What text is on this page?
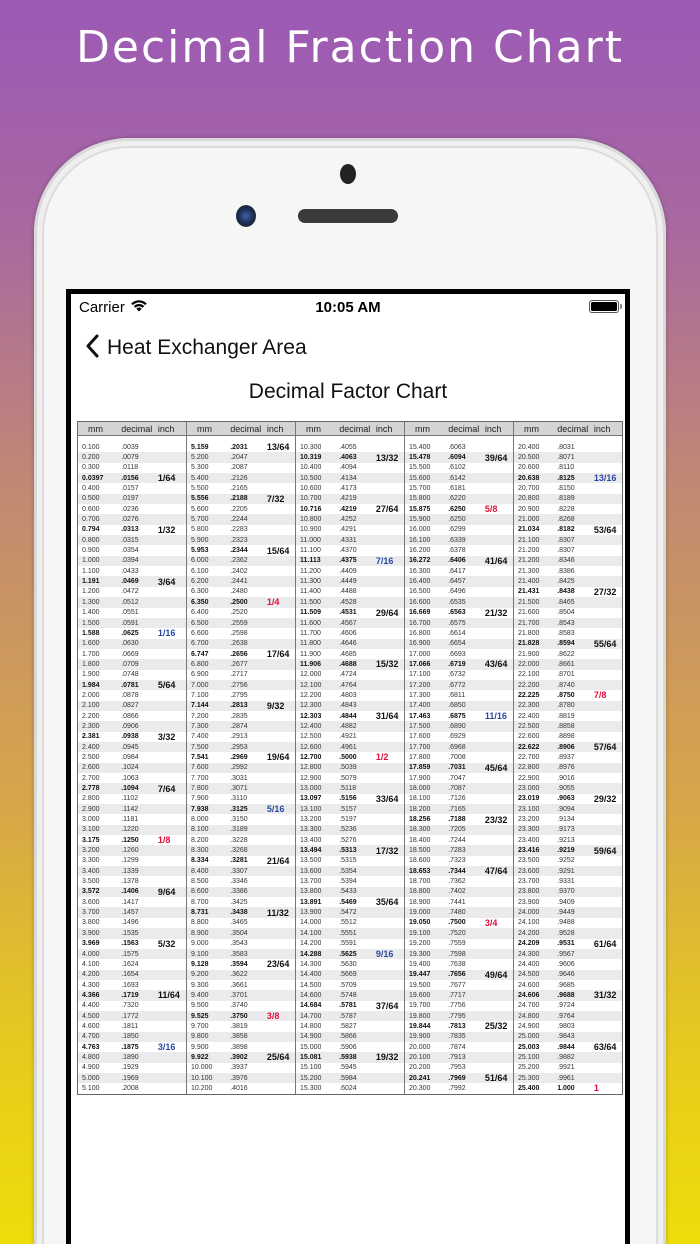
Decimal Fraction Chart
Carrier	10:05 AM
Heat Exchanger Area
Decimal Factor Chart
mm	decimal inch
0.100	.0039
0.200	.0079
0.300	.0118
0.0397	.0156	1/64
0.400	.0157
0.500	.0197
0.600	.0236
0.700	.0276
0.794	.0313	1/32
0.800	.0315
0.900	.0354
1.000	.0394
1.100	.0433
1.191	.0469	3/64
1.200	.0472
1.300	.0512
1.400	.0551
1.500	.0591
1.588	.0625	1/16
1.600	.0630
1.700	.0669
1.800	.0709
1.900	.0748
1.984	.0781	5/64
2.000	.0878
2.100	.0827
2.200	.0866
2.300	.0906
2.381	.0938	3/32
2.400	.0945
2.500	.0984
2.600	.1024
2.700	.1063
2.778	.1094	7/64
2.800	.1102
2.900	.1142
3.000	.1181
3.100	.1220
3.175	.1250	1/8
3.200	.1260
3.300	.1299
3.400	.1339
3.500	.1378
3.572	.1406	9/64
3.600	.1417
3.700	.1457
3.800	.1496
3.900	.1535
3.969	.1563	5/32
4.000	.1575
4.100	.1624
4.200	.1654
4.300	.1693
4.366	.1719	11/64
4.400	.7320
4.500	.1772
4.600	.1811
4.700	.1850
4.763	.1875	3/16
4.800	.1890
4.900	.1929
5.000	.1969
5.100	.2008
mm	decimal inch
5.159	.2031	13/64
5.200	.2047
5.300	.2087
5.400	.2126
5.500	.2165
5.556	.2188	7/32
5.600	.2205
5.700	.2244
5.800	.2283
5.900	.2323
5.953	.2344	15/64
6.000	.2362
6.100	.2402
6.200	.2441
6.300	.2480
6.350	.2500	1/4
6.400	.2520
6.500	.2559
6.600	.2598
6.700	.2638
6.747	.2656	17/64
6.800	.2677
6.900	.2717
7.000	.2756
7.100	.2795
7.144	.2813	9/32
7.200	.2835
7.300	.2874
7.400	.2913
7.500	.2953
7.541	.2969	19/64
7.600	.2992
7.700	.3031
7.800	.3071
7.900	.3110
7.938	.3125	5/16
8.000	.3150
8.100	.3189
8.200	.3228
8.300	.3268
8.334	.3281	21/64
8.400	.3307
8.500	.3346
8.600	.3386
8.700	.3425
8.731	.3438	11/32
8.800	.3465
8.900	.3504
9.000	.3543
9.100	.3583
9.128	.3594	23/64
9.200	.3622
9.300	.3661
9.400	.3701
9.500	.3740
9.525	.3750	3/8
9.700	.3819
9.800	.3858
9.900	.3898
9.922	.3902	25/64
10.000	.3937
10.100	.3976
10.200	.4016
mm	decimal inch
10.300	.4055
10.319	.4063	13/32
10.400	.4094
10.500	.4134
10.600	.4173
10.700	.4219
10.716	.4219	27/64
10.800	.4252
10.900	.4291
11.000	.4331
11.100	.4370
11.113	.4375	7/16
11.200	.4409
11.300	.4449
11.400	.4488
11.500	.4528
11.509	.4531	29/64
11.600	.4567
11.700	.4606
11.800	.4646
11.900	.4685
11.906	.4688	15/32
12.000	.4724
12.100	.4764
12.200	.4803
12.300	.4843
12.303	.4844	31/64
12.400	.4882
12.500	.4921
12.600	.4961
12.700	.5000	1/2
12.800	.5039
12.900	.5079
13.000	.5118
13.097	.5156	33/64
13.100	.5157
13.200	.5197
13.300	.5236
13.400	.5276
13.494	.5313	17/32
13.500	.5315
13.600	.5354
13.700	.5394
13.800	.5433
13.891	.5469	35/64
13.900	.5472
14.000	.5512
14.100	.5551
14.200	.5591
14.288	.5625	9/16
14.300	.5630
14.400	.5669
14.500	.5709
14.600	.5748
14.684	.5781	37/64
14.700	.5787
14.800	.5827
14.900	.5866
15.000	.5906
15.081	.5938	19/32
15.100	.5945
15.200	.5984
15.300	.6024
mm	decimal inch
15.400	.6063
15.478	.6094	39/64
15.500	.6102
15.600	.6142
15.700	.6181
15.800	.6220
15.875	.6250	5/8
15.900	.6250
16.000	.6299
16.100	.6339
16.200	.6378
16.272	.6406	41/64
16.300	.6417
16.400	.6457
16.500	.6496
16.600	.6535
16.669	.6563	21/32
16.700	.6575
16.800	.6614
16.900	.6654
17.000	.6693
17.066	.6719	43/64
17.100	.6732
17.200	.6772
17.300	.6811
17.400	.6850
17.463	.6875	11/16
17.500	.6890
17.600	.6929
17.700	.6968
17.800	.7008
17.859	.7031	45/64
17.900	.7047
18.000	.7087
18.100	.7126
18.200	.7165
18.256	.7188	23/32
18.300	.7205
18.400	.7244
18.500	.7283
18.600	.7323
18.653	.7344	47/64
18.700	.7362
18.800	.7402
18.900	.7441
19.000	.7480
19.050	.7500	3/4
19.100	.7520
19.200	.7559
19.300	.7598
19.400	.7638
19.447	.7656	49/64
19.500	.7677
19.600	.7717
19.700	.7756
19.800	.7795
19.844	.7813	25/32
19.900	.7835
20.000	.7874
20.100	.7913
20.200	.7953
20.241	.7969	51/64
20.300	.7992
mm	decimal inch
20.400	.8031
20.500	.8071
20.600	.8110
20.638	.8125	13/16
20.700	.8150
20.800	.8189
20.900	.8228
21.000	.8268
21.034	.8182	53/64
21.100	.8307
21.200	.8307
21.200	.8346
21.300	.8386
21.400	.8425
21.431	.8438	27/32
21.500	.8465
21.600	.8504
21.700	.8543
21.800	.8583
21.828	.8594	55/64
21.900	.8622
22.000	.8661
22.100	.8701
22.200	.8740
22.225	.8750	7/8
22.300	.8780
22.400	.8819
22.500	.8858
22.600	.8898
22.622	.8906	57/64
22.700	.8937
22.800	.8976
22.900	.9016
23.000	.9055
23.019	.9063	29/32
23.100	.9094
23.200	.9134
23.300	.9173
23.400	.9213
23.416	.9219	59/64
23.500	.9252
23.600	.9291
23.700	.9331
23.800	.9370
23.900	.9409
24.000	.9449
24.100	.9488
24.200	.9528
24.209	.9531	61/64
24.300	.9567
24.400	.9606
24.500	.9646
24.600	.9685
24.606	.9688	31/32
24.700	.9724
24.800	.9764
24.900	.9803
25.000	.9843
25.003	.9844	63/64
25.100	.9882
25.200	.9921
25.300	.9961
25.400	1.000	1
